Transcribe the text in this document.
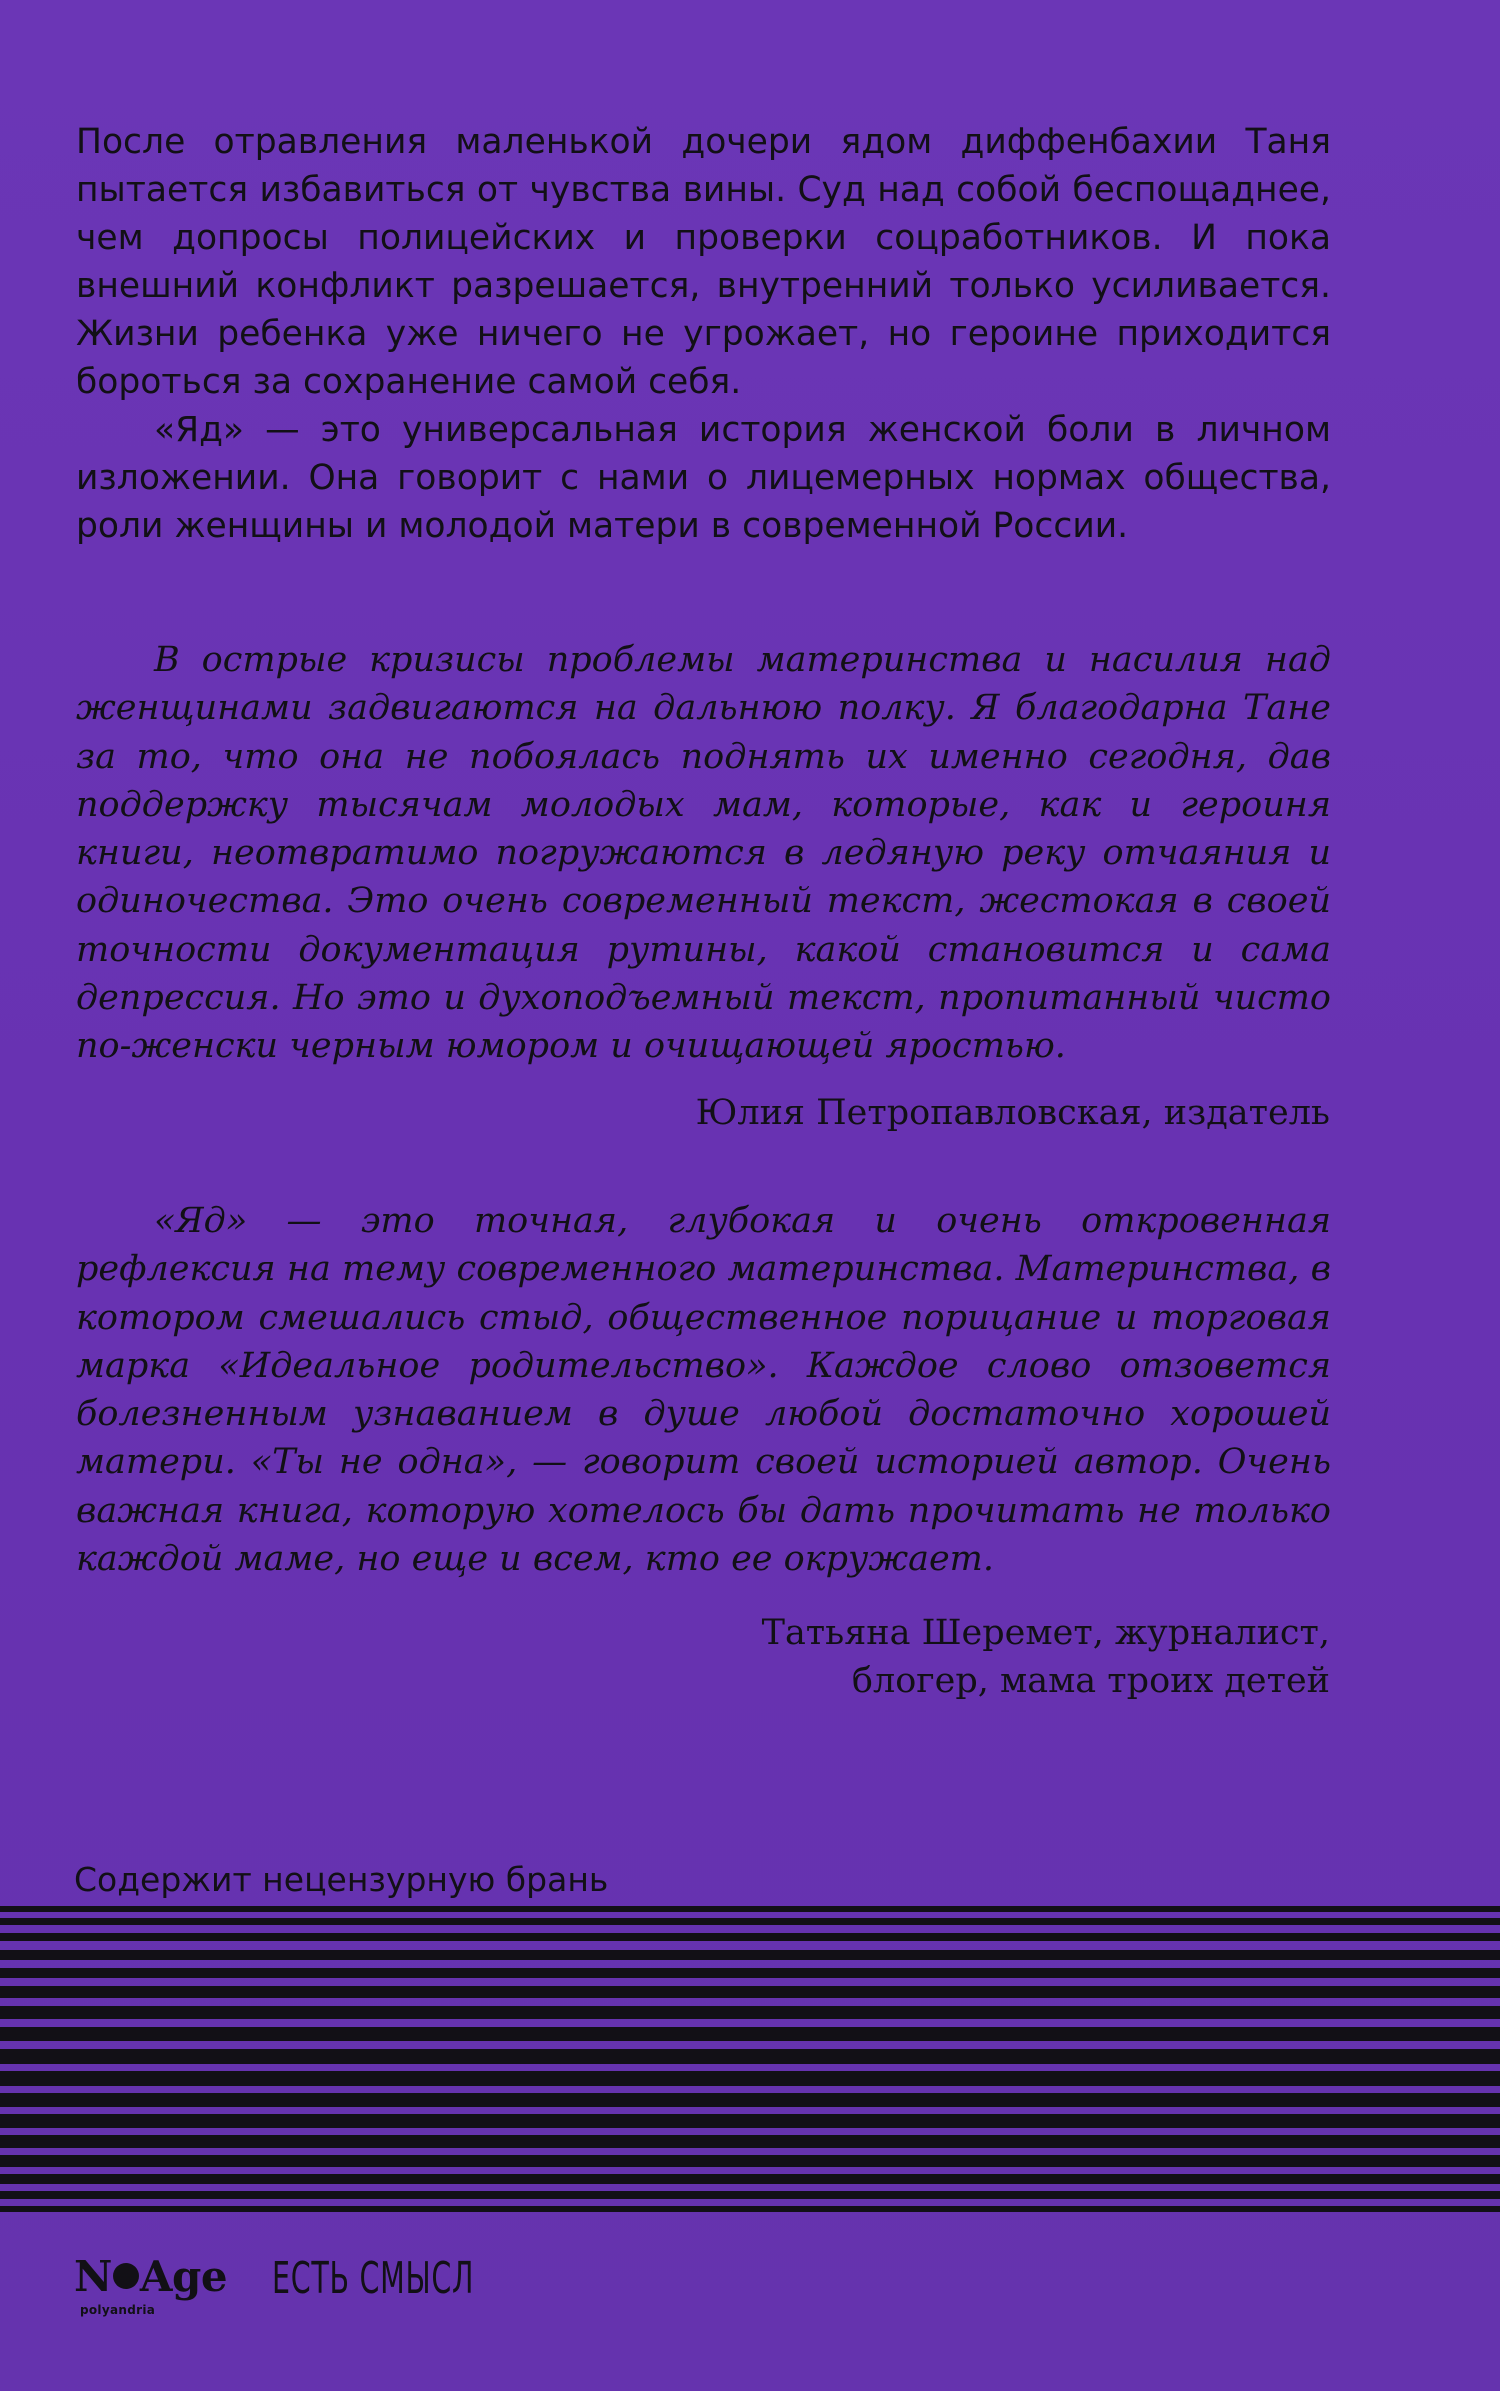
После отравления маленькой дочери ядом диффенбахии Таня пытается избавиться от чувства вины. Суд над собой беспощаднее, чем допросы полицейских и проверки соцработников. И пока внешний конфликт разрешается, внутренний только усиливается. Жизни ребенка уже ничего не угрожает, но героине приходится бороться за сохранение самой себя.

«Яд» — это универсальная история женской боли в личном изложении. Она говорит с нами о лицемерных нормах общества, роли женщины и молодой матери в современной России.

В острые кризисы проблемы материнства и насилия над женщинами задвигаются на дальнюю полку. Я благодарна Тане за то, что она не побоялась поднять их именно сегодня, дав поддержку тысячам молодых мам, которые, как и героиня книги, неотвратимо погружаются в ледяную реку отчаяния и одиночества. Это очень современный текст, жестокая в своей точности документация рутины, какой становится и сама депрессия. Но это и духоподъемный текст, пропитанный чисто по-женски черным юмором и очищающей яростью.

Юлия Петропавловская, издатель

«Яд» — это точная, глубокая и очень откровенная рефлексия на тему современного материнства. Материнства, в котором смешались стыд, общественное порицание и торговая марка «Идеальное родительство». Каждое слово отзовется болезненным узнаванием в душе любой достаточно хорошей матери. «Ты не одна», — говорит своей историей автор. Очень важная книга, которую хотелось бы дать прочитать не только каждой маме, но еще и всем, кто ее окружает.

Татьяна Шеремет, журналист,
блогер, мама троих детей
Содержит нецензурную брань
N Age
polyandria
ЕСТЬ СМЫСЛ
